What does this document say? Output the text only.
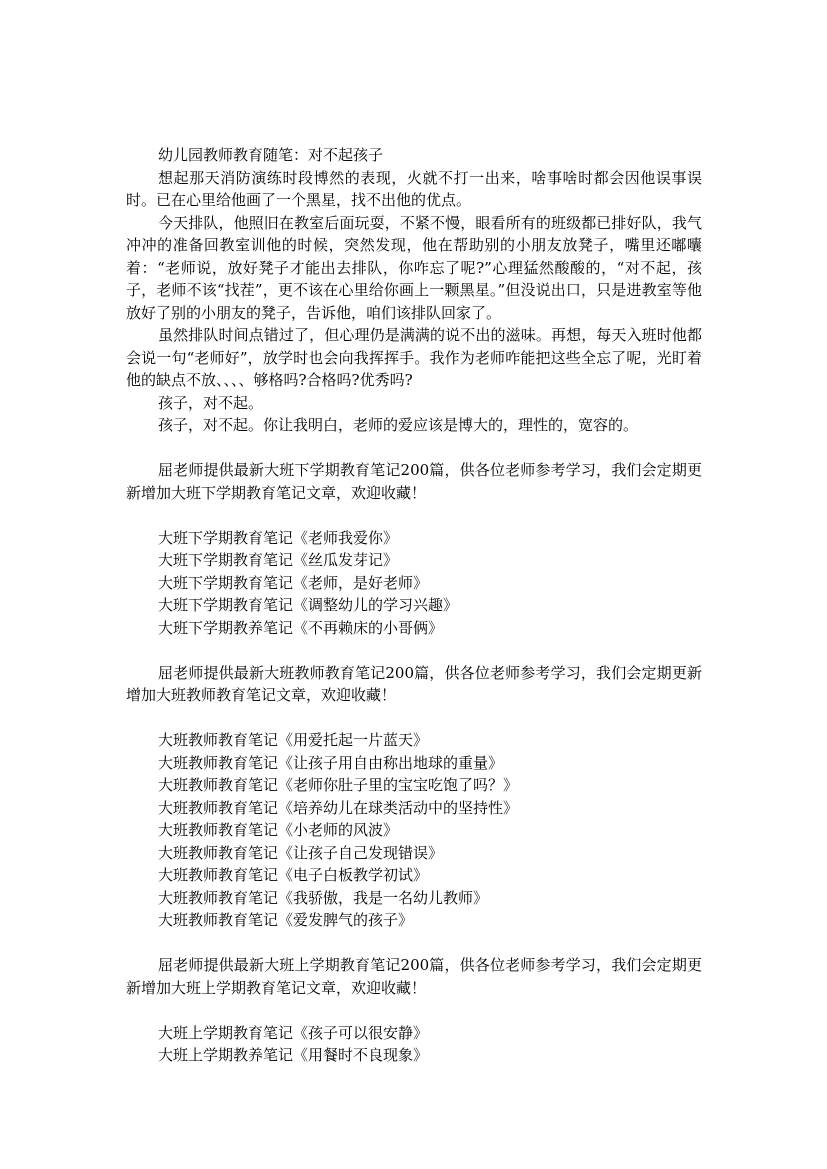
幼儿园教师教育随笔：对不起孩子

想起那天消防演练时段博然的表现，火就不打一出来，啥事啥时都会因他误事误时。已在心里给他画了一个黑星，找不出他的优点。

今天排队，他照旧在教室后面玩耍，不紧不慢，眼看所有的班级都已排好队，我气冲冲的准备回教室训他的时候，突然发现，他在帮助别的小朋友放凳子，嘴里还嘟囔着：“老师说，放好凳子才能出去排队，你咋忘了呢?”心理猛然酸酸的，“对不起，孩子，老师不该“找茬”，更不该在心里给你画上一颗黑星。”但没说出口，只是进教室等他放好了别的小朋友的凳子，告诉他，咱们该排队回家了。

虽然排队时间点错过了，但心理仍是满满的说不出的滋味。再想，每天入班时他都会说一句“老师好”，放学时也会向我挥挥手。我作为老师咋能把这些全忘了呢，光盯着他的缺点不放、、、、够格吗?合格吗?优秀吗?

孩子，对不起。

孩子，对不起。你让我明白，老师的爱应该是博大的，理性的，宽容的。

屈老师提供最新大班下学期教育笔记200篇，供各位老师参考学习，我们会定期更新增加大班下学期教育笔记文章，欢迎收藏！

大班下学期教育笔记《老师我爱你》
大班下学期教育笔记《丝瓜发芽记》
大班下学期教育笔记《老师，是好老师》
大班下学期教育笔记《调整幼儿的学习兴趣》
大班下学期教养笔记《不再赖床的小哥俩》

屈老师提供最新大班教师教育笔记200篇，供各位老师参考学习，我们会定期更新增加大班教师教育笔记文章，欢迎收藏！

大班教师教育笔记《用爱托起一片蓝天》
大班教师教育笔记《让孩子用自由称出地球的重量》
大班教师教育笔记《老师你肚子里的宝宝吃饱了吗？》
大班教师教育笔记《培养幼儿在球类活动中的坚持性》
大班教师教育笔记《小老师的风波》
大班教师教育笔记《让孩子自己发现错误》
大班教师教育笔记《电子白板教学初试》
大班教师教育笔记《我骄傲，我是一名幼儿教师》
大班教师教育笔记《爱发脾气的孩子》

屈老师提供最新大班上学期教育笔记200篇，供各位老师参考学习，我们会定期更新增加大班上学期教育笔记文章，欢迎收藏！

大班上学期教育笔记《孩子可以很安静》
大班上学期教养笔记《用餐时不良现象》
